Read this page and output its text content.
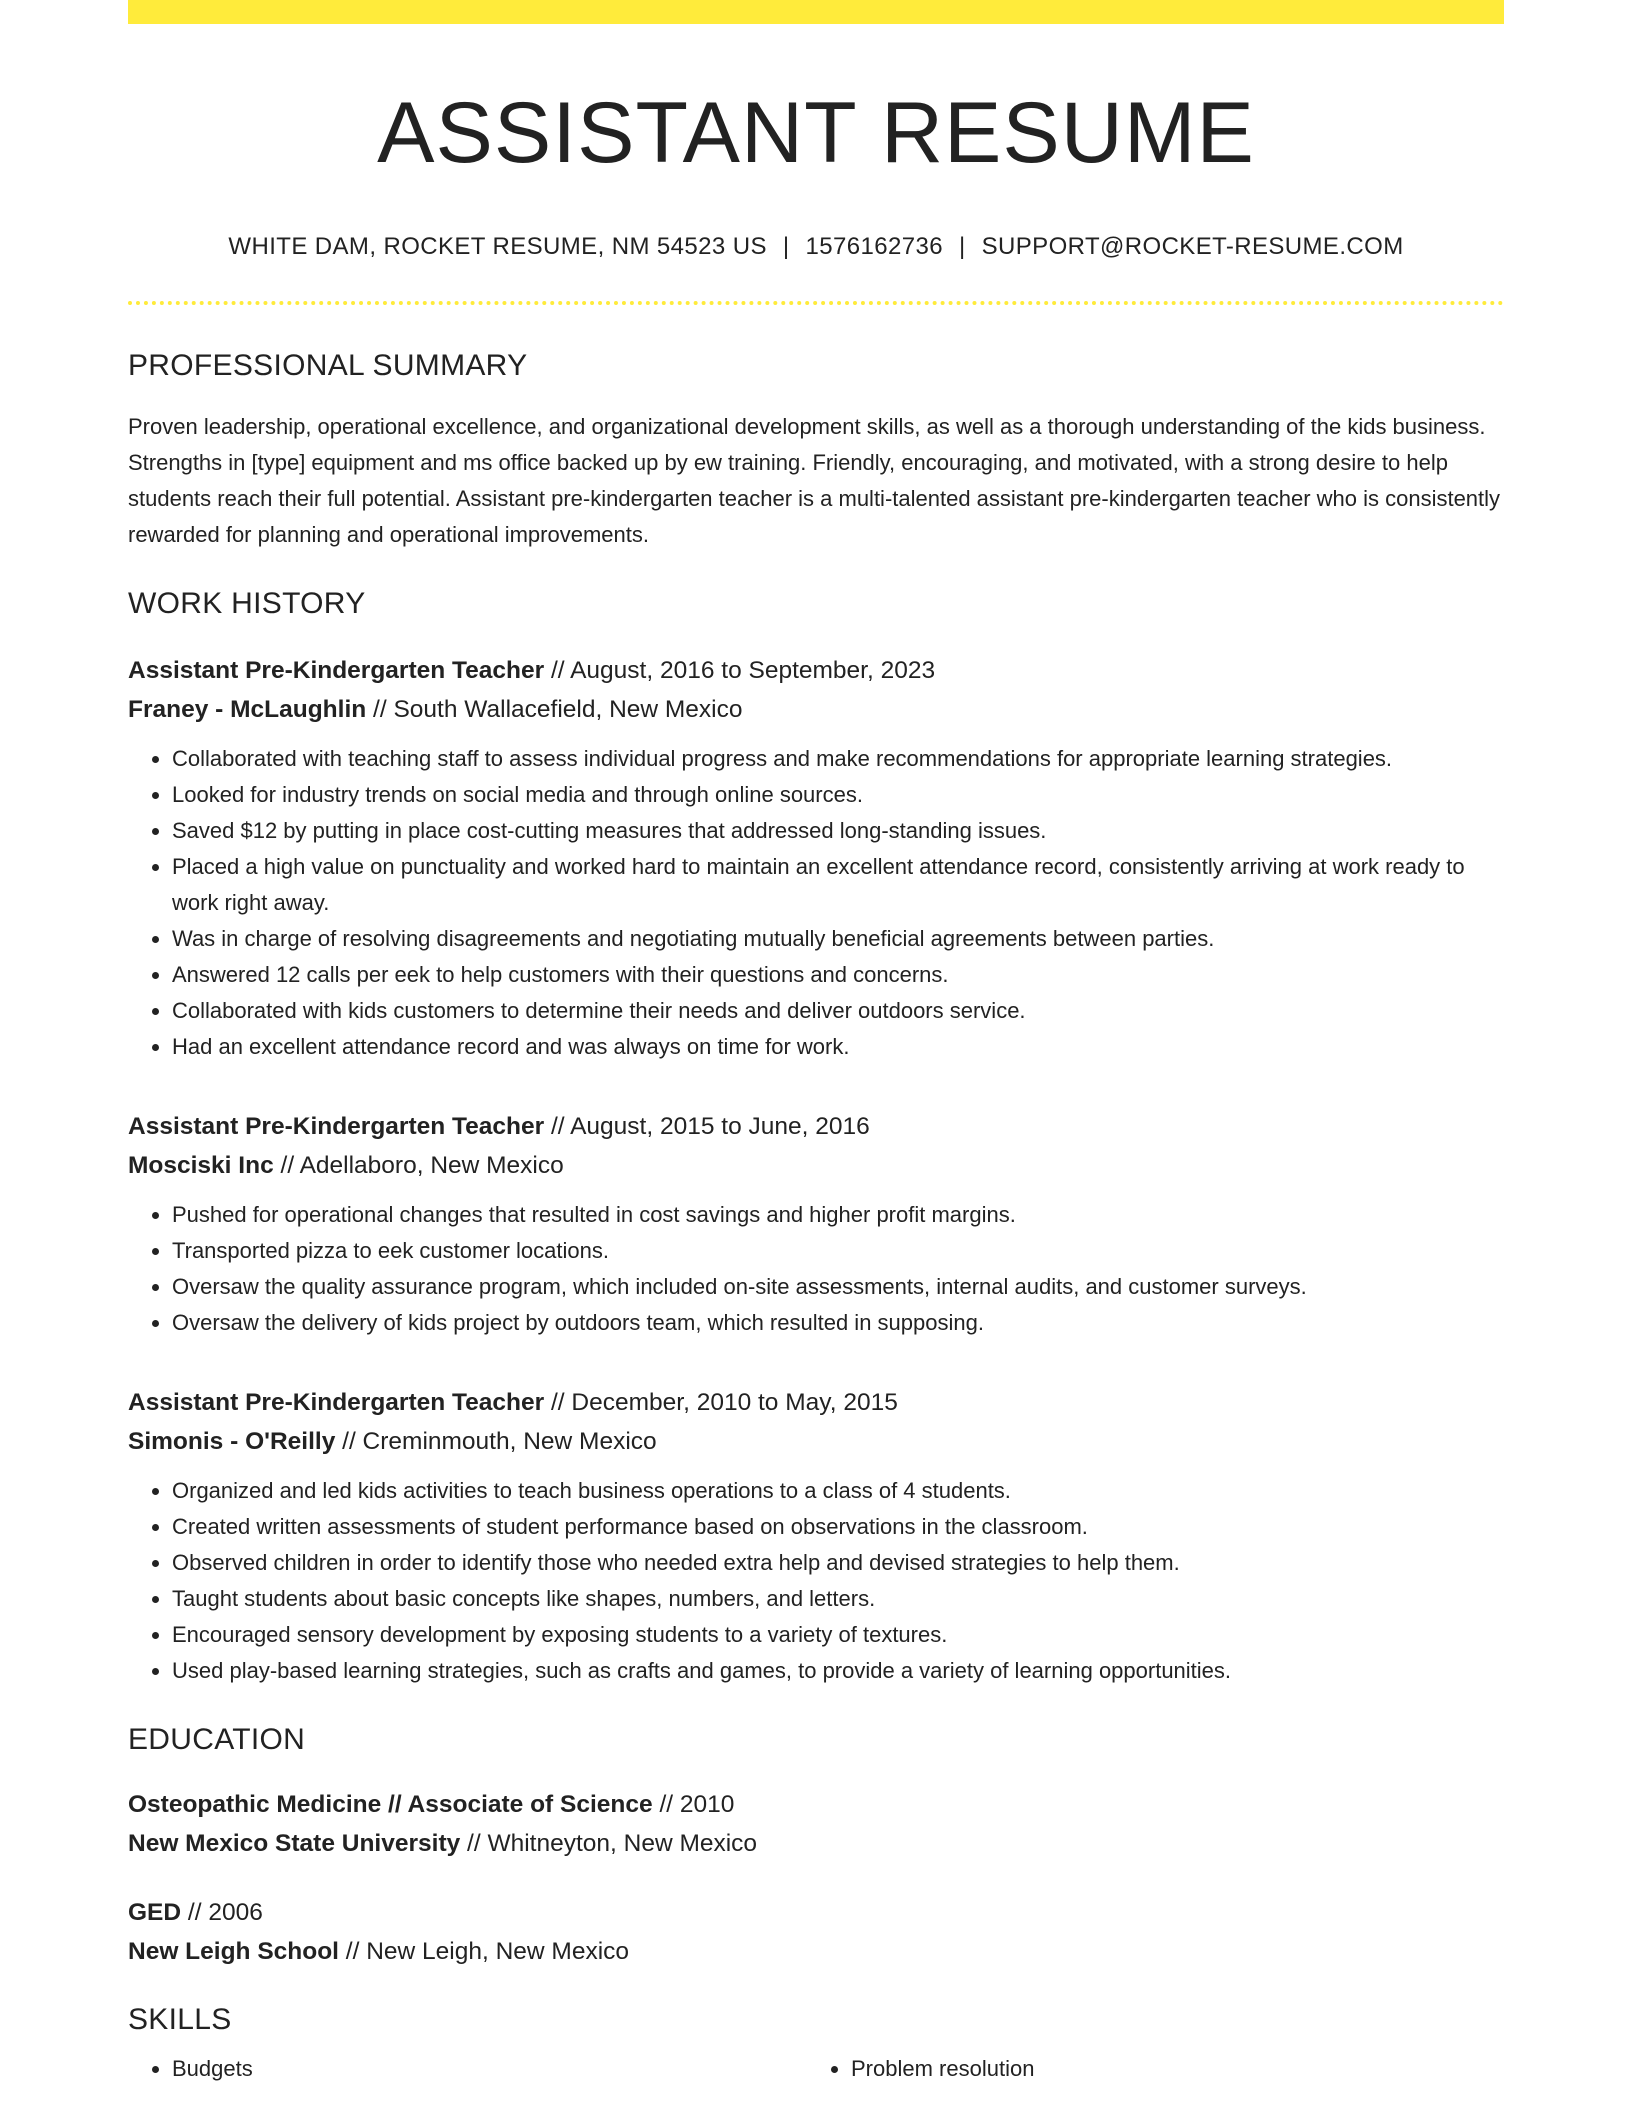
ASSISTANT RESUME
WHITE DAM, ROCKET RESUME, NM 54523 US | 1576162736 | SUPPORT@ROCKET-RESUME.COM
PROFESSIONAL SUMMARY

Proven leadership, operational excellence, and organizational development skills, as well as a thorough understanding of the kids business. Strengths in [type] equipment and ms office backed up by ew training. Friendly, encouraging, and motivated, with a strong desire to help students reach their full potential. Assistant pre-kindergarten teacher is a multi-talented assistant pre-kindergarten teacher who is consistently rewarded for planning and operational improvements.

WORK HISTORY
Assistant Pre-Kindergarten Teacher // August, 2016 to September, 2023
Franey - McLaughlin // South Wallacefield, New Mexico
• Collaborated with teaching staff to assess individual progress and make recommendations for appropriate learning strategies.
• Looked for industry trends on social media and through online sources.
• Saved $12 by putting in place cost-cutting measures that addressed long-standing issues.
• Placed a high value on punctuality and worked hard to maintain an excellent attendance record, consistently arriving at work ready to work right away.
• Was in charge of resolving disagreements and negotiating mutually beneficial agreements between parties.
• Answered 12 calls per eek to help customers with their questions and concerns.
• Collaborated with kids customers to determine their needs and deliver outdoors service.
• Had an excellent attendance record and was always on time for work.
Assistant Pre-Kindergarten Teacher // August, 2015 to June, 2016
Mosciski Inc // Adellaboro, New Mexico
• Pushed for operational changes that resulted in cost savings and higher profit margins.
• Transported pizza to eek customer locations.
• Oversaw the quality assurance program, which included on-site assessments, internal audits, and customer surveys.
• Oversaw the delivery of kids project by outdoors team, which resulted in supposing.
Assistant Pre-Kindergarten Teacher // December, 2010 to May, 2015
Simonis - O'Reilly // Creminmouth, New Mexico
• Organized and led kids activities to teach business operations to a class of 4 students.
• Created written assessments of student performance based on observations in the classroom.
• Observed children in order to identify those who needed extra help and devised strategies to help them.
• Taught students about basic concepts like shapes, numbers, and letters.
• Encouraged sensory development by exposing students to a variety of textures.
• Used play-based learning strategies, such as crafts and games, to provide a variety of learning opportunities.
EDUCATION
Osteopathic Medicine // Associate of Science // 2010
New Mexico State University // Whitneyton, New Mexico
GED // 2006
New Leigh School // New Leigh, New Mexico
SKILLS
• Budgets
•	Problem resolution
